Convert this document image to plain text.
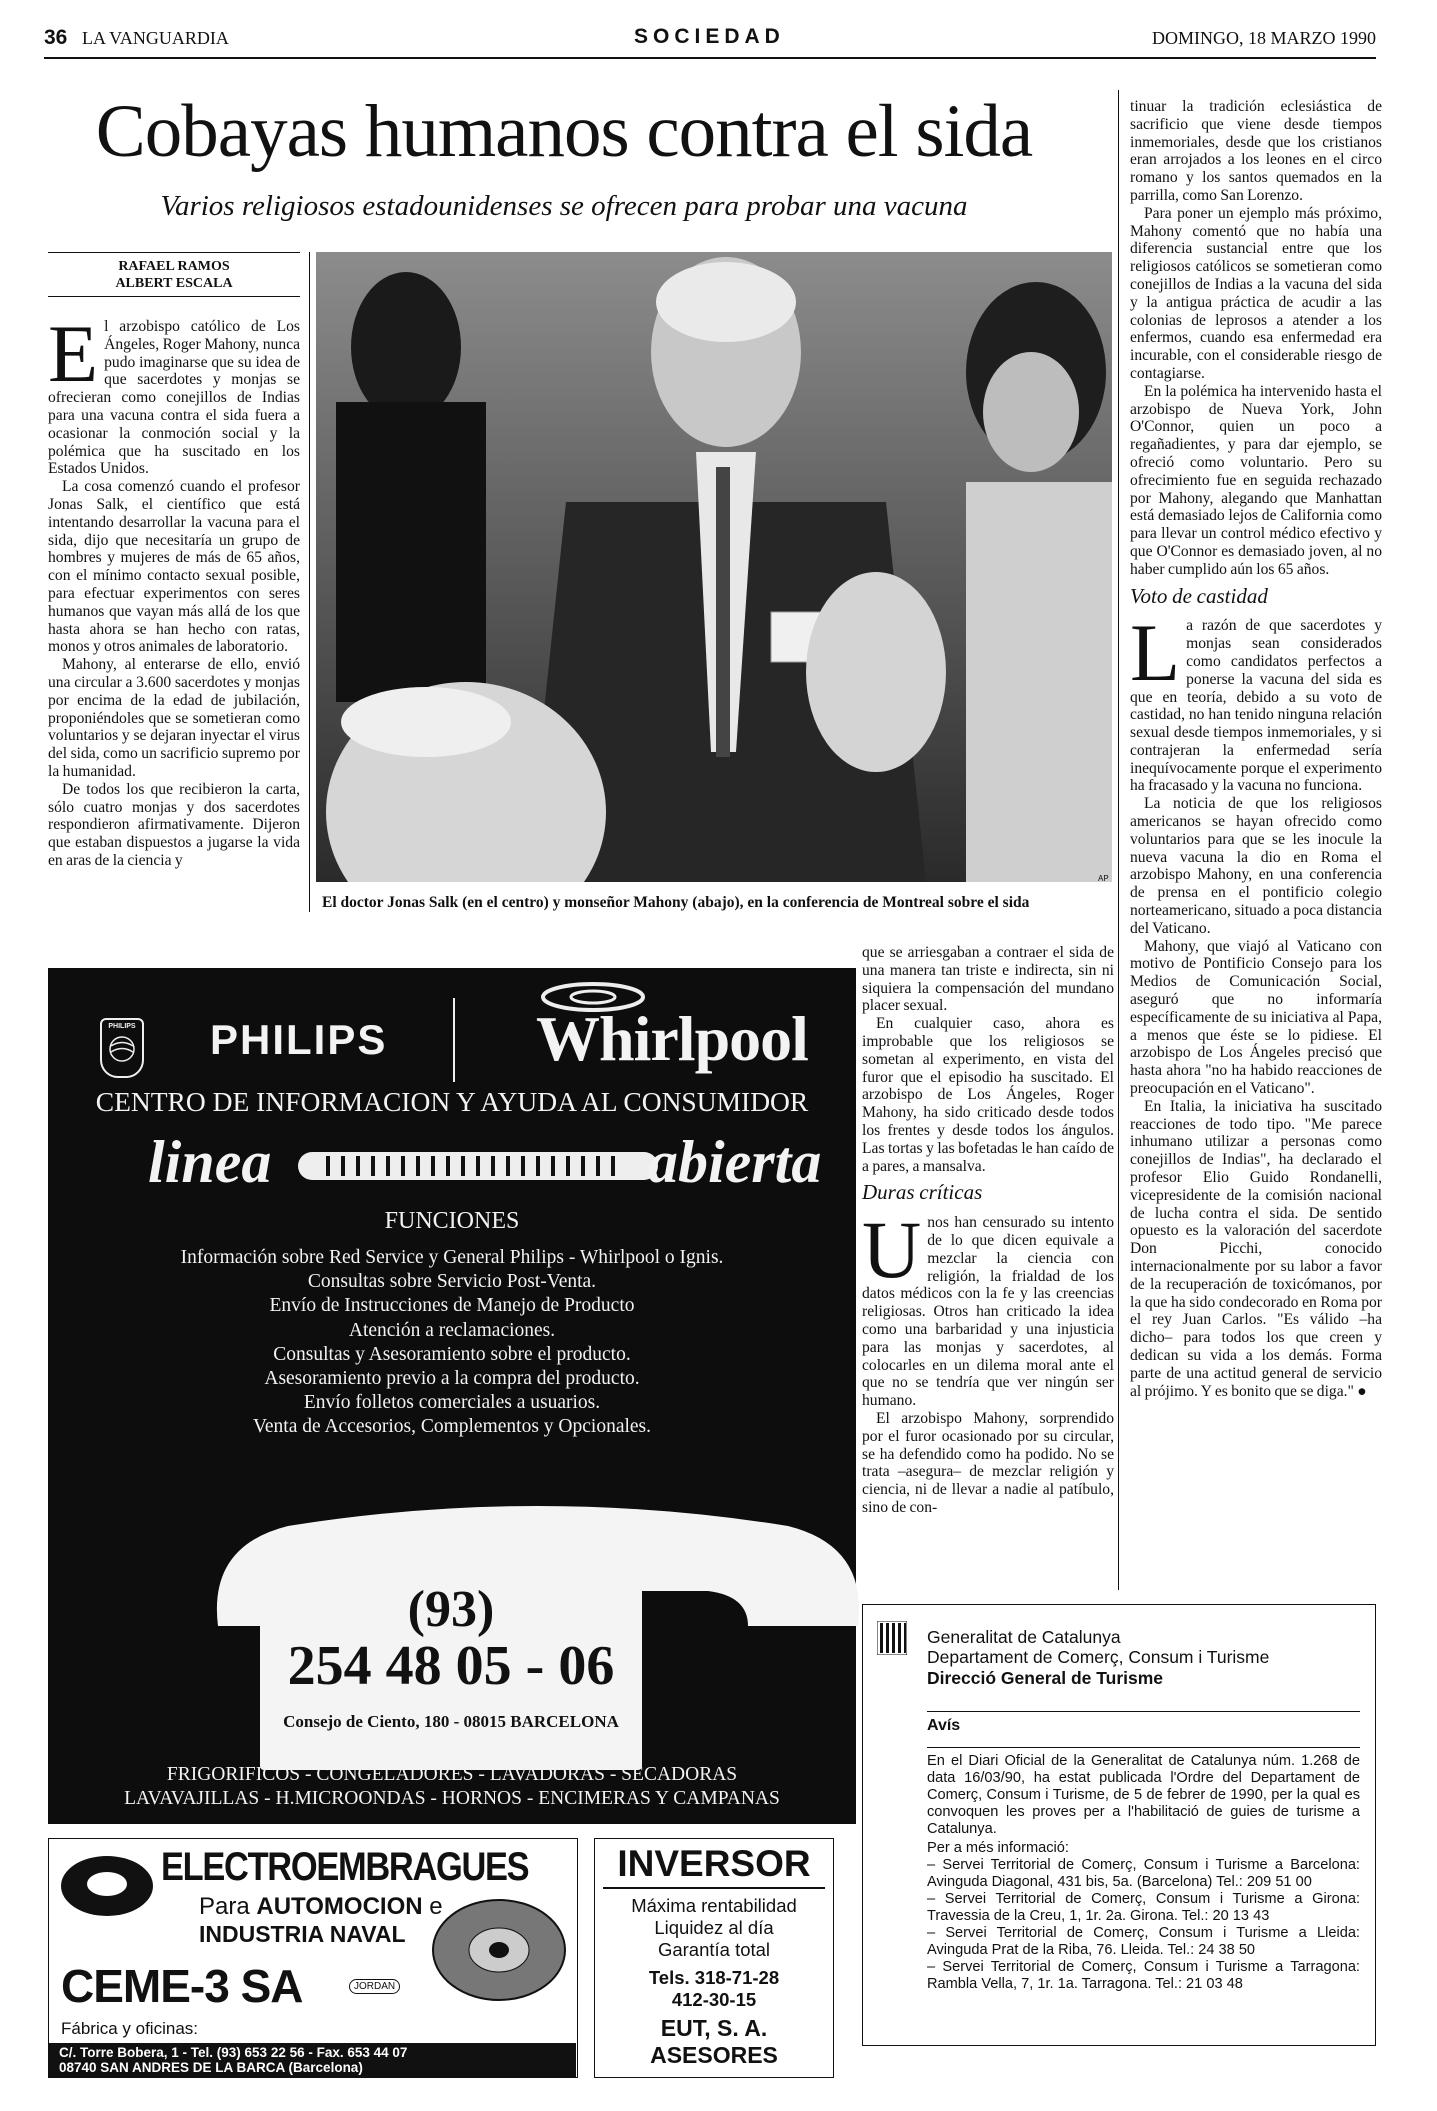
36 LA VANGUARDIA	SOCIEDAD	DOMINGO, 18 MARZO 1990
Cobayas humanos contra el sida
Varios religiosos estadounidenses se ofrecen para probar una vacuna
RAFAEL RAMOS
ALBERT ESCALA
E l arzobispo católico de Los Ángeles, Roger Mahony, nunca pudo imaginarse que su idea de que sacerdotes y monjas se ofrecieran como conejillos de Indias para una vacuna contra el sida fuera a ocasionar la conmoción social y la polémica que ha suscitado en los Estados Unidos.

La cosa comenzó cuando el profesor Jonas Salk, el científico que está intentando desarrollar la vacuna para el sida, dijo que necesitaría un grupo de hombres y mujeres de más de 65 años, con el mínimo contacto sexual posible, para efectuar experimentos con seres humanos que vayan más allá de los que hasta ahora se han hecho con ratas, monos y otros animales de laboratorio.

Mahony, al enterarse de ello, envió una circular a 3.600 sacerdotes y monjas por encima de la edad de jubilación, proponiéndoles que se sometieran como voluntarios y se dejaran inyectar el virus del sida, como un sacrificio supremo por la humanidad.

De todos los que recibieron la carta, sólo cuatro monjas y dos sacerdotes respondieron afirmativamente. Dijeron que estaban dispuestos a jugarse la vida en aras de la ciencia y

AP
El doctor Jonas Salk (en el centro) y monseñor Mahony (abajo), en la conferencia de Montreal sobre el sida

que se arriesgaban a contraer el sida de una manera tan triste e indirecta, sin ni siquiera la compensación del mundano placer sexual.

En cualquier caso, ahora es improbable que los religiosos se sometan al experimento, en vista del furor que el episodio ha suscitado. El arzobispo de Los Ángeles, Roger Mahony, ha sido criticado desde todos los frentes y desde todos los ángulos. Las tortas y las bofetadas le han caído de a pares, a mansalva.

Duras críticas
U nos han censurado su intento de lo que dicen equivale a mezclar la ciencia con religión, la frialdad de los datos médicos con la fe y las creencias religiosas. Otros han criticado la idea como una barbaridad y una injusticia para las monjas y sacerdotes, al colocarles en un dilema moral ante el que no se tendría que ver ningún ser humano.

El arzobispo Mahony, sorprendido por el furor ocasionado por su circular, se ha defendido como ha podido. No se trata –asegura– de mezclar religión y ciencia, ni de llevar a nadie al patíbulo, sino de con-

tinuar la tradición eclesiástica de sacrificio que viene desde tiempos inmemoriales, desde que los cristianos eran arrojados a los leones en el circo romano y los santos quemados en la parrilla, como San Lorenzo.

Para poner un ejemplo más próximo, Mahony comentó que no había una diferencia sustancial entre que los religiosos católicos se sometieran como conejillos de Indias a la vacuna del sida y la antigua práctica de acudir a las colonias de leprosos a atender a los enfermos, cuando esa enfermedad era incurable, con el considerable riesgo de contagiarse.

En la polémica ha intervenido hasta el arzobispo de Nueva York, John O'Connor, quien un poco a regañadientes, y para dar ejemplo, se ofreció como voluntario. Pero su ofrecimiento fue en seguida rechazado por Mahony, alegando que Manhattan está demasiado lejos de California como para llevar un control médico efectivo y que O'Connor es demasiado joven, al no haber cumplido aún los 65 años.

Voto de castidad
L a razón de que sacerdotes y monjas sean considerados como candidatos perfectos a ponerse la vacuna del sida es que en teoría, debido a su voto de castidad, no han tenido ninguna relación sexual desde tiempos inmemoriales, y si contrajeran la enfermedad sería inequívocamente porque el experimento ha fracasado y la vacuna no funciona.

La noticia de que los religiosos americanos se hayan ofrecido como voluntarios para que se les inocule la nueva vacuna la dio en Roma el arzobispo Mahony, en una conferencia de prensa en el pontificio colegio norteamericano, situado a poca distancia del Vaticano.

Mahony, que viajó al Vaticano con motivo de Pontificio Consejo para los Medios de Comunicación Social, aseguró que no informaría específicamente de su iniciativa al Papa, a menos que éste se lo pidiese. El arzobispo de Los Ángeles precisó que hasta ahora "no ha habido reacciones de preocupación en el Vaticano".

En Italia, la iniciativa ha suscitado reacciones de todo tipo. "Me parece inhumano utilizar a personas como conejillos de Indias", ha declarado el profesor Elio Guido Rondanelli, vicepresidente de la comisión nacional de lucha contra el sida. De sentido opuesto es la valoración del sacerdote Don Picchi, conocido internacionalmente por su labor a favor de la recuperación de toxicómanos, por la que ha sido condecorado en Roma por el rey Juan Carlos. "Es válido –ha dicho– para todos los que creen y dedican su vida a los demás. Forma parte de una actitud general de servicio al prójimo. Y es bonito que se diga." ●

PHILIPS PHILIPS Whirlpool
CENTRO DE INFORMACION Y AYUDA AL CONSUMIDOR
linea	abierta
FUNCIONES
Información sobre Red Service y General Philips - Whirlpool o Ignis.
Consultas sobre Servicio Post-Venta.
Envío de Instrucciones de Manejo de Producto
Atención a reclamaciones.
Consultas y Asesoramiento sobre el producto.
Asesoramiento previo a la compra del producto.
Envío folletos comerciales a usuarios.
Venta de Accesorios, Complementos y Opcionales.
(93)
254 48 05 - 06
Consejo de Ciento, 180 - 08015 BARCELONA
FRIGORIFICOS - CONGELADORES - LAVADORAS - SECADORAS
LAVAVAJILLAS - H.MICROONDAS - HORNOS - ENCIMERAS Y CAMPANAS
ELECTROEMBRAGUES
Para AUTOMOCION e
INDUSTRIA NAVAL
CEME-3 SA	JORDAN
Fábrica y oficinas:
C/. Torre Bobera, 1 - Tel. (93) 653 22 56 - Fax. 653 44 07
08740 SAN ANDRES DE LA BARCA (Barcelona)
INVERSOR
Máxima rentabilidad
Liquidez al día
Garantía total
Tels. 318-71-28
412-30-15
EUT, S. A.
ASESORES
Generalitat de Catalunya
Departament de Comerç, Consum i Turisme
Direcció General de Turisme
Avís
En el Diari Oficial de la Generalitat de Catalunya núm. 1.268 de data 16/03/90, ha estat publicada l'Ordre del Departament de Comerç, Consum i Turisme, de 5 de febrer de 1990, per la qual es convoquen les proves per a l'habilitació de guies de turisme a Catalunya.
Per a més informació:
– Servei Territorial de Comerç, Consum i Turisme a Barcelona: Avinguda Diagonal, 431 bis, 5a. (Barcelona) Tel.: 209 51 00
– Servei Territorial de Comerç, Consum i Turisme a Girona: Travessia de la Creu, 1, 1r. 2a. Girona. Tel.: 20 13 43
– Servei Territorial de Comerç, Consum i Turisme a Lleida: Avinguda Prat de la Riba, 76. Lleida. Tel.: 24 38 50
– Servei Territorial de Comerç, Consum i Turisme a Tarragona: Rambla Vella, 7, 1r. 1a. Tarragona. Tel.: 21 03 48
